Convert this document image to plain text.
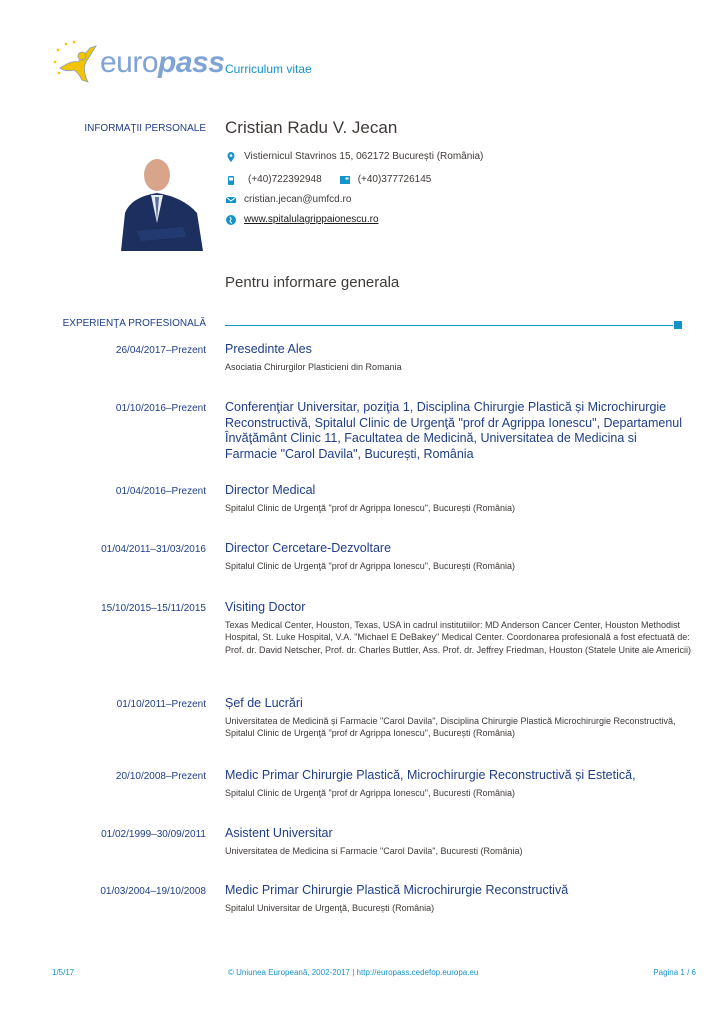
europass Curriculum vitae
INFORMAŢII PERSONALE Cristian Radu V. Jecan
Vistiernicul Stavrinos 15, 062172 București (România)
(+40)722392948	(+40)377726145
cristian.jecan@umfcd.ro
www.spitalulagrippaionescu.ro
Pentru informare generala
EXPERIENŢA PROFESIONALĂ
26/04/2017–Prezent Presedinte Ales
Asociatia Chirurgilor Plasticieni din Romania
01/10/2016–Prezent Conferenţiar Universitar, poziţia 1, Disciplina Chirurgie Plastică și Microchirurgie Reconstructivă, Spitalul Clinic de Urgenţă "prof dr Agrippa Ionescu", Departamenul Învăţământ Clinic 11, Facultatea de Medicină, Universitatea de Medicina si Farmacie "Carol Davila", București, România
01/04/2016–Prezent Director Medical
Spitalul Clinic de Urgenţă "prof dr Agrippa Ionescu", București (România)
01/04/2011–31/03/2016 Director Cercetare-Dezvoltare
Spitalul Clinic de Urgenţă "prof dr Agrippa Ionescu", București (România)
15/10/2015–15/11/2015 Visiting Doctor
Texas Medical Center, Houston, Texas, USA in cadrul institutiilor: MD Anderson Cancer Center, Houston Methodist Hospital, St. Luke Hospital, V.A. "Michael E DeBakey" Medical Center. Coordonarea profesională a fost efectuată de: Prof. dr. David Netscher, Prof. dr. Charles Buttler, Ass. Prof. dr. Jeffrey Friedman, Houston (Statele Unite ale Americii)
01/10/2011–Prezent Șef de Lucrări
Universitatea de Medicină și Farmacie "Carol Davila", Disciplina Chirurgie Plastică Microchirurgie Reconstructivă, Spitalul Clinic de Urgenţă "prof dr Agrippa Ionescu", București (România)
20/10/2008–Prezent Medic Primar Chirurgie Plastică, Microchirurgie Reconstructivă și Estetică,
Spitalul Clinic de Urgenţă "prof dr Agrippa Ionescu", Bucuresti (România)
01/02/1999–30/09/2011 Asistent Universitar
Universitatea de Medicina si Farmacie "Carol Davila", Bucuresti (România)
01/03/2004–19/10/2008 Medic Primar Chirurgie Plastică Microchirurgie Reconstructivă
Spitalul Universitar de Urgenţă, București (România)
1/5/17	© Uniunea Europeană, 2002-2017 | http://europass.cedefop.europa.eu	Pagina 1 / 6
